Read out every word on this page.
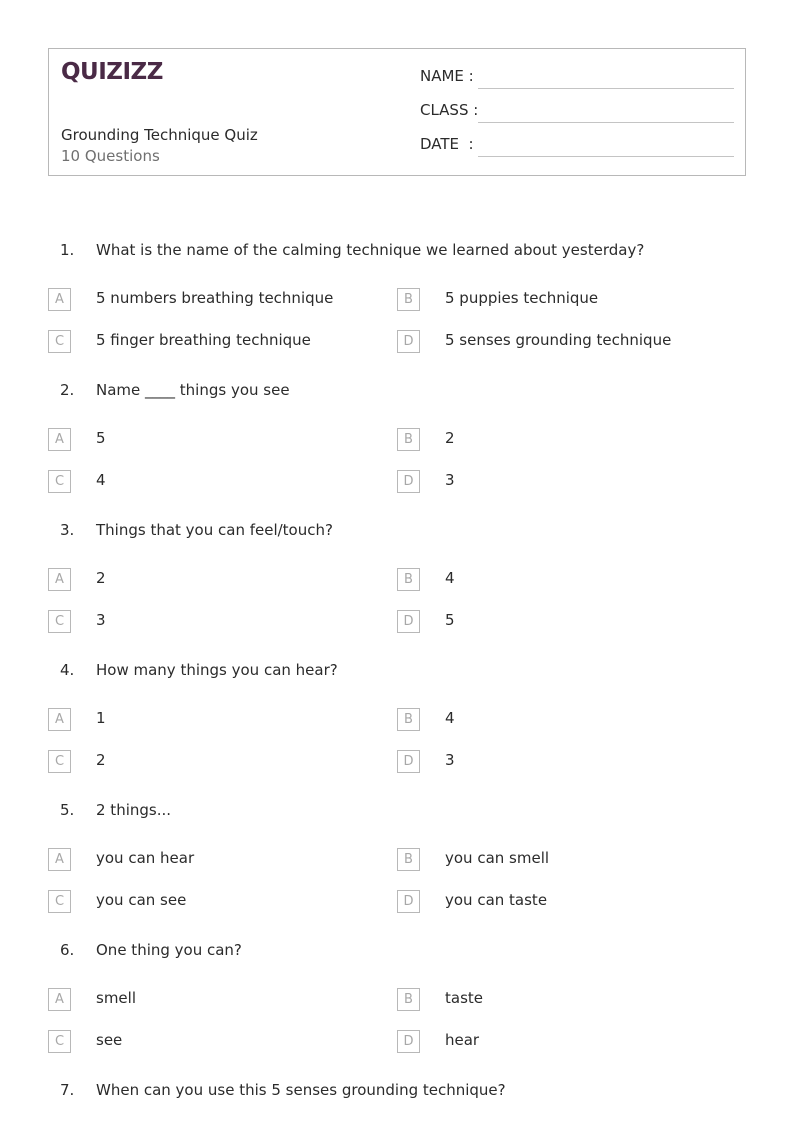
QUIZIZZ
Grounding Technique Quiz
10 Questions
NAME :
CLASS :
DATE  :
1. What is the name of the calming technique we learned about yesterday?
A	5 numbers breathing technique	B	5 puppies technique
C	5 finger breathing technique	D	5 senses grounding technique
2. Name ____ things you see
A	5	B	2
C	4	D	3
3. Things that you can feel/touch?
A	2	B	4
C	3	D	5
4. How many things you can hear?
A	1	B	4
C	2	D	3
5. 2 things...
A	you can hear	B	you can smell
C	you can see	D	you can taste
6. One thing you can?
A	smell	B	taste
C	see	D	hear
7. When can you use this 5 senses grounding technique?
